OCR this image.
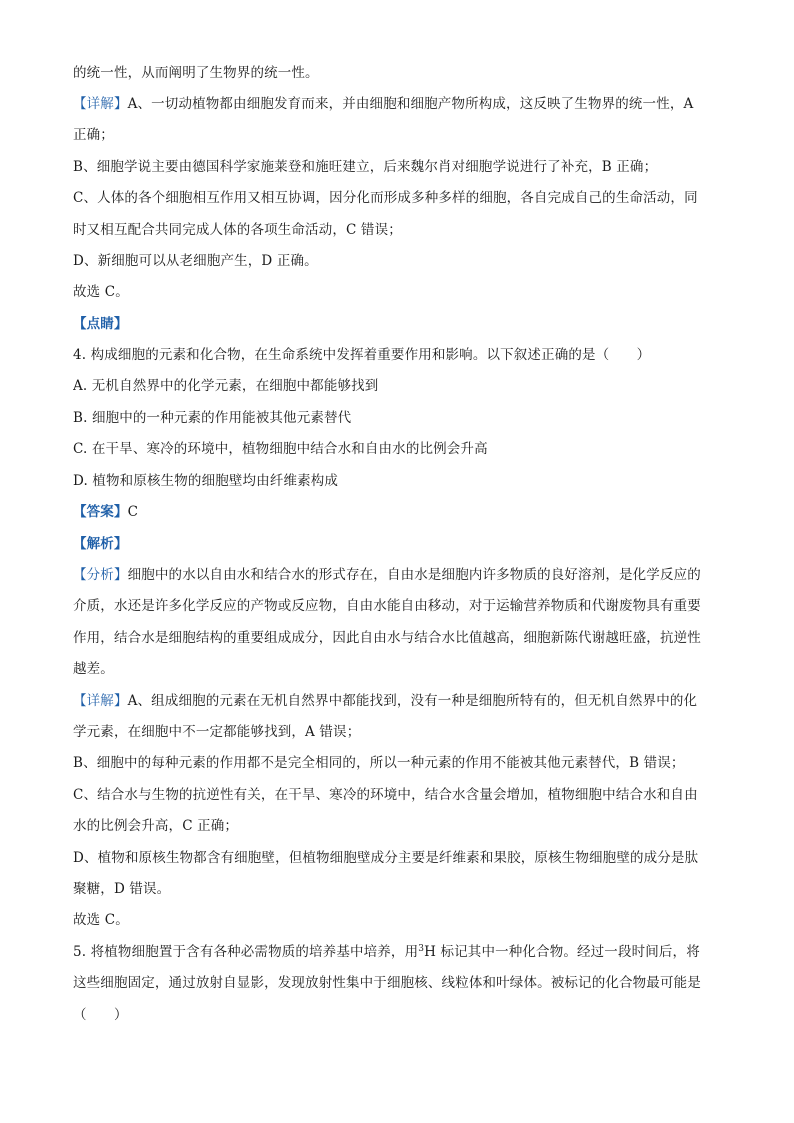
的统一性，从而阐明了生物界的统一性。
【详解】A、一切动植物都由细胞发育而来，并由细胞和细胞产物所构成，这反映了生物界的统一性，A
正确；
B、细胞学说主要由德国科学家施莱登和施旺建立，后来魏尔肖对细胞学说进行了补充，B 正确；
C、人体的各个细胞相互作用又相互协调，因分化而形成多种多样的细胞，各自完成自己的生命活动，同
时又相互配合共同完成人体的各项生命活动，C 错误；
D、新细胞可以从老细胞产生，D 正确。
故选 C。
【点睛】
4. 构成细胞的元素和化合物，在生命系统中发挥着重要作用和影响。以下叙述正确的是（　　）
A. 无机自然界中的化学元素，在细胞中都能够找到
B. 细胞中的一种元素的作用能被其他元素替代
C. 在干旱、寒冷的环境中，植物细胞中结合水和自由水的比例会升高
D. 植物和原核生物的细胞壁均由纤维素构成
【答案】C
【解析】
【分析】细胞中的水以自由水和结合水的形式存在，自由水是细胞内许多物质的良好溶剂，是化学反应的
介质，水还是许多化学反应的产物或反应物，自由水能自由移动，对于运输营养物质和代谢废物具有重要
作用，结合水是细胞结构的重要组成成分，因此自由水与结合水比值越高，细胞新陈代谢越旺盛，抗逆性
越差。
【详解】A、组成细胞的元素在无机自然界中都能找到，没有一种是细胞所特有的，但无机自然界中的化
学元素，在细胞中不一定都能够找到，A 错误；
B、细胞中的每种元素的作用都不是完全相同的，所以一种元素的作用不能被其他元素替代，B 错误；
C、结合水与生物的抗逆性有关，在干旱、寒冷的环境中，结合水含量会增加，植物细胞中结合水和自由
水的比例会升高，C 正确；
D、植物和原核生物都含有细胞壁，但植物细胞壁成分主要是纤维素和果胶，原核生物细胞壁的成分是肽
聚糖，D 错误。
故选 C。
5. 将植物细胞置于含有各种必需物质的培养基中培养，用$^3$H 标记其中一种化合物。经过一段时间后，将
这些细胞固定，通过放射自显影，发现放射性集中于细胞核、线粒体和叶绿体。被标记的化合物最可能是
（　　）
